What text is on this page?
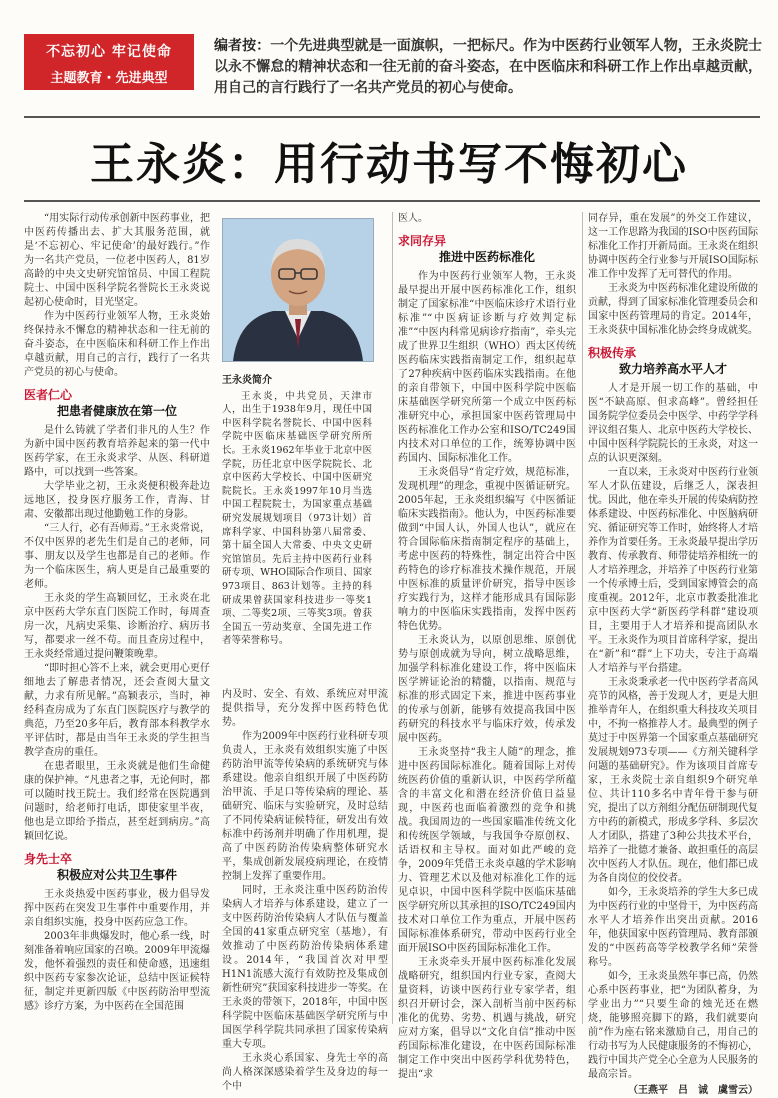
不忘初心 牢记使命
主题教育・先进典型
编者按：一个先进典型就是一面旗帜，一把标尺。作为中医药行业领军人物，王永炎院士以永不懈怠的精神状态和一往无前的奋斗姿态，在中医临床和科研工作上作出卓越贡献，用自己的言行践行了一名共产党员的初心与使命。
王永炎：用行动书写不悔初心

“用实际行动传承创新中医药事业，把中医药传播出去、扩大其服务范围，就是‘不忘初心、牢记使命’的最好践行。”作为一名共产党员，一位老中医药人，81岁高龄的中央文史研究馆馆员、中国工程院院士、中国中医科学院名誉院长王永炎说起初心使命时，目光坚定。

作为中医药行业领军人物，王永炎始终保持永不懈怠的精神状态和一往无前的奋斗姿态，在中医临床和科研工作上作出卓越贡献，用自己的言行，践行了一名共产党员的初心与使命。

医者仁心
把患者健康放在第一位

是什么铸就了学者们非凡的人生？作为新中国中医药教育培养起来的第一代中医药学家，在王永炎求学、从医、科研道路中，可以找到一些答案。

大学毕业之初，王永炎便积极奔赴边远地区，投身医疗服务工作，青海、甘肃、安徽都出现过他勤勉工作的身影。

“三人行，必有吾师焉。”王永炎常说，不仅中医界的老先生们是自己的老师，同事、朋友以及学生也都是自己的老师。作为一个临床医生，病人更是自己最重要的老师。

王永炎的学生高颖回忆，王永炎在北京中医药大学东直门医院工作时，每周查房一次，凡病史采集、诊断治疗、病历书写，都要求一丝不苟。而且查房过程中，王永炎经常通过提问鞭策晚辈。

“即时担心答不上来，就会更用心更仔细地去了解患者情况，还会查阅大量文献，力求有所见解。”高颖表示，当时，神经科查房成为了东直门医院医疗与教学的典范，乃至20多年后，教育部本科教学水平评估时，都是由当年王永炎的学生担当教学查房的重任。

在患者眼里，王永炎就是他们生命健康的保护神。“凡患者之事，无论何时，都可以随时找王院士。我们经常在医院遇到问题时，给老师打电话，即使家里半夜，他也是立即给予指点，甚至赶到病房。”高颖回忆说。

身先士卒
积极应对公共卫生事件

王永炎热爱中医药事业，极力倡导发挥中医药在突发卫生事件中重要作用，并亲自组织实施，投身中医药应急工作。

2003年非典爆发时，他心系一线，时刻准备着响应国家的召唤。2009年甲流爆发，他怀着强烈的责任和使命感，迅速组织中医药专家参次论证，总结中医证候特征，制定并更新四版《中医药防治甲型流感》诊疗方案，为中医药在全国范围

王永炎简介

王永炎，中共党员，天津市人，出生于1938年9月，现任中国中医科学院名誉院长、中国中医科学院中医临床基础医学研究所所长。王永炎1962年毕业于北京中医学院，历任北京中医学院院长、北京中医药大学校长、中国中医研究院院长。王永炎1997年10月当选中国工程院院士，为国家重点基础研究发展规划项目（973计划）首席科学家、中国科协第八届常委、第十届全国人大常委、中央文史研究馆馆员。先后主持中医药行业科研专项、WHO国际合作项目、国家973项目、863计划等。主持的科研成果曾获国家科技进步一等奖1项、二等奖2项、三等奖3项。曾获全国五一劳动奖章、全国先进工作者等荣誉称号。

内及时、安全、有效、系统应对甲流提供指导，充分发挥中医药特色优势。

作为2009年中医药行业科研专项负责人，王永炎有效组织实施了中医药防治甲流等传染病的系统研究与体系建设。他亲自组织开展了中医药防治甲流、手足口等传染病的理论、基础研究、临床与实验研究，及时总结了不同传染病证候特征，研发出有效标准中药汤剂并明确了作用机理，提高了中医药防治传染病整体研究水平，集成创新发展疫病理论，在疫情控制上发挥了重要作用。

同时，王永炎注重中医药防治传染病人才培养与体系建设，建立了一支中医药防治传染病人才队伍与覆盖全国的41家重点研究室（基地），有效推动了中医药防治传染病体系建设。2014年，“我国首次对甲型H1N1流感大流行有效防控及集成创新性研究”获国家科技进步一等奖。在王永炎的带领下，2018年，中国中医科学院中医临床基础医学研究所与中国医学科学院共同承担了国家传染病重大专项。

王永炎心系国家、身先士卒的高尚人格深深感染着学生及身边的每一个中

医人。

求同存异
推进中医药标准化

作为中医药行业领军人物，王永炎最早提出开展中医药标准化工作，组织制定了国家标准“中医临床诊疗术语行业标准”“中医病证诊断与疗效判定标准”“中医内科常见病诊疗指南”，牵头完成了世界卫生组织（WHO）西太区传统医药临床实践指南制定工作，组织起草了27种疾病中医药临床实践指南。在他的亲自带领下，中国中医科学院中医临床基础医学研究所第一个成立中医药标准研究中心，承担国家中医药管理局中医药标准化工作办公室和ISO/TC249国内技术对口单位的工作，统筹协调中医药国内、国际标准化工作。

王永炎倡导“肯定疗效，规范标准，发现机理”的理念，重视中医循证研究。2005年起，王永炎组织编写《中医循证临床实践指南》。他认为，中医药标准要做到“中国人认，外国人也认”，就应在符合国际临床指南制定程序的基础上，考虑中医药的特殊性，制定出符合中医药特色的诊疗标准技术操作规范，开展中医标准的质量评价研究，指导中医诊疗实践行为，这样才能形成具有国际影响力的中医临床实践指南，发挥中医药特色优势。

王永炎认为，以原创思维、原创优势与原创成就为导向，树立战略思维，加强学科标准化建设工作，将中医临床医学辨证论治的精髓，以指南、规范与标准的形式固定下来，推进中医药事业的传承与创新，能够有效提高我国中医药研究的科技水平与临床疗效，传承发展中医药。

王永炎坚持“我主人随”的理念，推进中医药国际标准化。随着国际上对传统医药价值的重新认识，中医药学所蕴含的丰富文化和潜在经济价值日益显现，中医药也面临着激烈的竞争和挑战。我国周边的一些国家瞄准传统文化和传统医学领域，与我国争夺原创权、话语权和主导权。面对如此严峻的竞争，2009年凭借王永炎卓越的学术影响力、管理艺术以及他对标准化工作的远见卓识，中国中医科学院中医临床基础医学研究所以其承担的ISO/TC249国内技术对口单位工作为重点，开展中医药国际标准体系研究，带动中医药行业全面开展ISO中医药国际标准化工作。

王永炎牵头开展中医药标准化发展战略研究，组织国内行业专家，查阅大量资料，访谈中医药行业专家学者，组织召开研讨会，深入剖析当前中医药标准化的优势、劣势、机遇与挑战，研究应对方案，倡导以“文化自信”推动中医药国际标准化建设，在中医药国际标准制定工作中突出中医药学科优势特色，提出“求

同存异，重在发展”的外交工作建议，这一工作思路为我国的ISO中医药国际标准化工作打开新局面。王永炎在组织协调中医药全行业参与开展ISO国际标准工作中发挥了无可替代的作用。

王永炎为中医药标准化建设所做的贡献，得到了国家标准化管理委员会和国家中医药管理局的肯定。2014年，王永炎获中国标准化协会终身成就奖。

积极传承
致力培养高水平人才

人才是开展一切工作的基础，中医“不缺高原、但求高峰”。曾经担任国务院学位委员会中医学、中药学学科评议组召集人、北京中医药大学校长、中国中医科学院院长的王永炎，对这一点的认识更深刻。

一直以来，王永炎对中医药行业领军人才队伍建设，后继乏人，深表担忧。因此，他在牵头开展的传染病防控体系建设、中医药标准化、中医脑病研究、循证研究等工作时，始终将人才培养作为首要任务。王永炎最早提出学历教育、传承教育、师带徒培养相统一的人才培养理念，并培养了中医药行业第一个传承博士后，受到国家博管会的高度重视。2012年，北京市教委批准北京中医药大学“新医药学科群”建设项目，主要用于人才培养和提高团队水平。王永炎作为项目首席科学家，提出在“新”和“群”上下功夫，专注于高端人才培养与平台搭建。

王永炎秉承老一代中医药学者高风亮节的风格，善于发现人才，更是大胆推举青年人，在组织重大科技攻关项目中，不拘一格推荐人才。最典型的例子莫过于中医界第一个国家重点基础研究发展规划973专项——《方剂关键科学问题的基础研究》。作为该项目首席专家，王永炎院士亲自组织9个研究单位、共计110多名中青年骨干参与研究，提出了以方剂组分配伍研制现代复方中药的新模式，形成多学科、多层次人才团队，搭建了3种公共技术平台，培养了一批德才兼备、敢担重任的高层次中医药人才队伍。现在，他们都已成为各自岗位的佼佼者。

如今，王永炎培养的学生大多已成为中医药行业的中坚骨干，为中医药高水平人才培养作出突出贡献。2016年，他获国家中医药管理局、教育部颁发的“中医药高等学校教学名师”荣誉称号。

如今，王永炎虽然年事已高，仍然心系中医药事业，把“为团队蓄身，为学业出力”“只要生命的烛光还在燃烧，能够照亮脚下的路，我们就要向前”作为座右铭来激励自己，用自己的行动书写为人民健康服务的不悔初心，践行中国共产党全心全意为人民服务的最高宗旨。

（王燕平　吕　诚　虞雪云）
